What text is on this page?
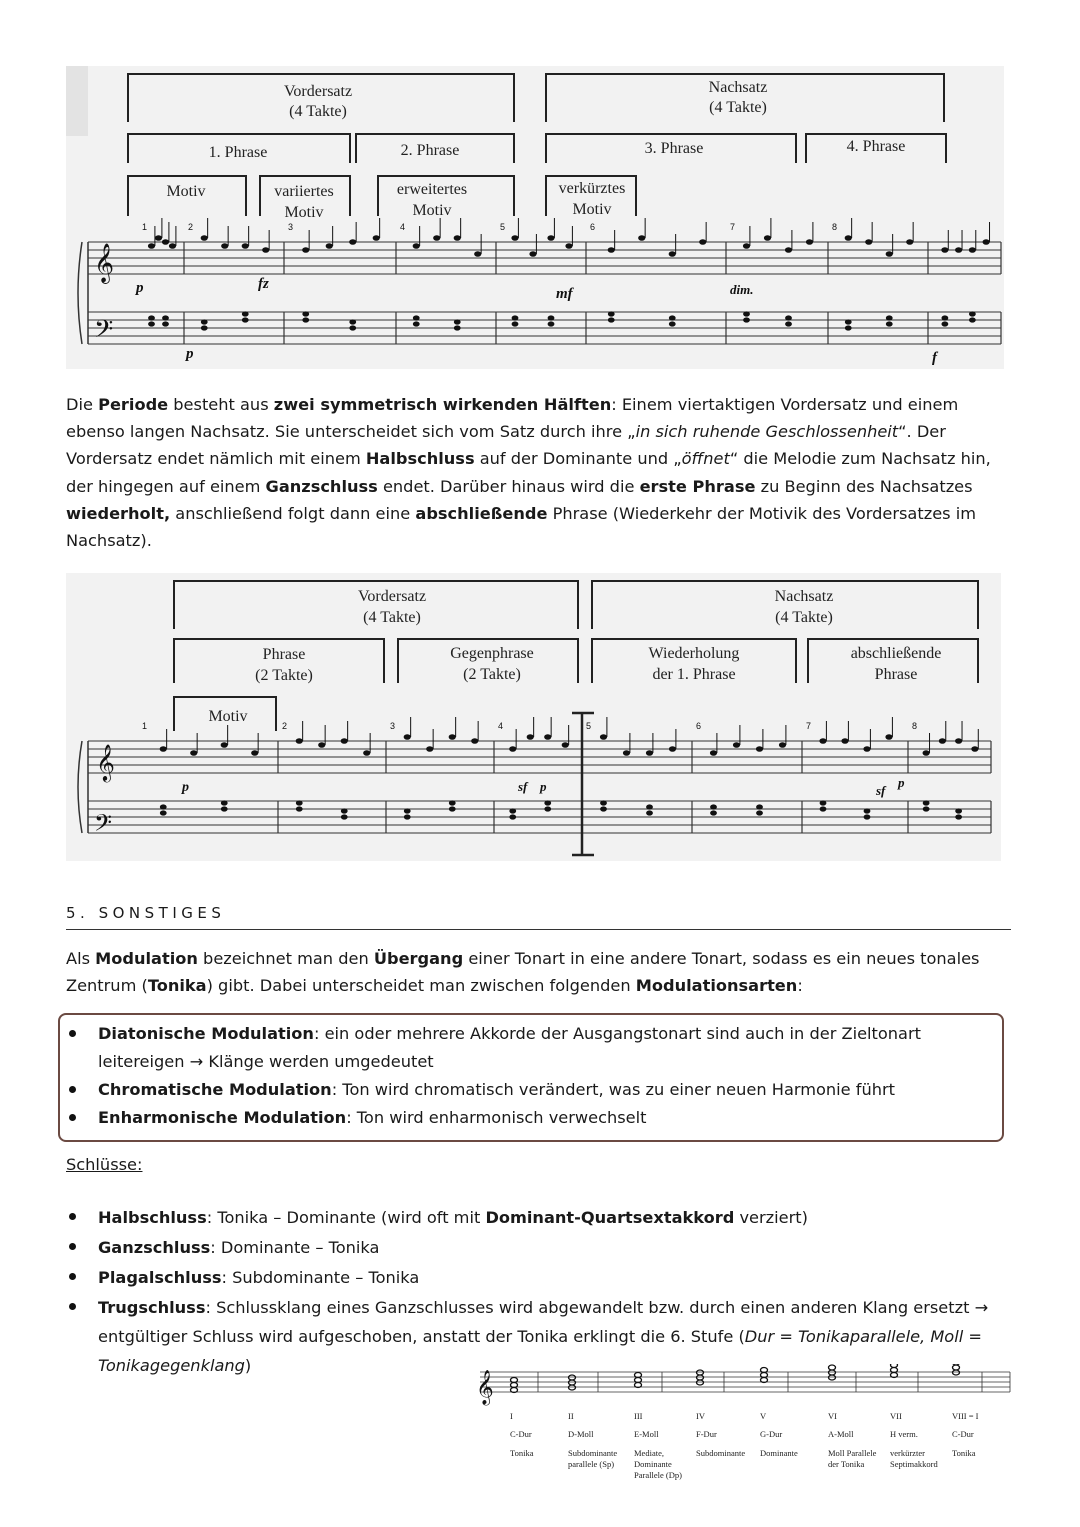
Vordersatz
(4 Takte)
Nachsatz
(4 Takte)
1. Phrase	2. Phrase	3. Phrase	4. Phrase
Motiv	variiertes
Motiv
erweitertes
Motiv
verkürztes
Motiv
𝄞
𝄢
p	fz
mf	dim.
p	f
1	2	3	4	5	6	7	8
Die Periode besteht aus zwei symmetrisch wirkenden Hälften: Einem viertaktigen Vordersatz und einem ebenso langen Nachsatz. Sie unterscheidet sich vom Satz durch ihre „in sich ruhende Geschlossenheit“. Der Vordersatz endet nämlich mit einem Halbschluss auf der Dominante und „öffnet“ die Melodie zum Nachsatz hin, der hingegen auf einem Ganzschluss endet. Darüber hinaus wird die erste Phrase zu Beginn des Nachsatzes wiederholt, anschließend folgt dann eine abschließende Phrase (Wiederkehr der Motivik des Vordersatzes im Nachsatz).
Vordersatz
(4 Takte)
Nachsatz
(4 Takte)
Phrase
(2 Takte)
Gegenphrase
(2 Takte)
Wiederholung
der 1. Phrase
abschließende
Phrase
Motiv
𝄞
𝄢
p	sf p	sf
p
1	2	3	4	5	6	7	8
5. SONSTIGES
Als Modulation bezeichnet man den Übergang einer Tonart in eine andere Tonart, sodass es ein neues tonales Zentrum (Tonika) gibt. Dabei unterscheidet man zwischen folgenden Modulationsarten:
Diatonische Modulation: ein oder mehrere Akkorde der Ausgangstonart sind auch in der Zieltonart leitereigen → Klänge werden umgedeutet
Chromatische Modulation: Ton wird chromatisch verändert, was zu einer neuen Harmonie führt
Enharmonische Modulation: Ton wird enharmonisch verwechselt
Schlüsse:
Halbschluss: Tonika – Dominante (wird oft mit Dominant-Quartsextakkord verziert)
Ganzschluss: Dominante – Tonika
Plagalschluss: Subdominante – Tonika
Trugschluss: Schlussklang eines Ganzschlusses wird abgewandelt bzw. durch einen anderen Klang ersetzt → entgültiger Schluss wird aufgeschoben, anstatt der Tonika erklingt die 6. Stufe (Dur = Tonikaparallele, Moll = Tonikagegenklang)
𝄞
I
C-Dur
Tonika
II
D-Moll
Subdominante
parallele (Sp)
III
E-Moll
Mediate,
Dominante
Parallele (Dp)
IV
F-Dur
Subdominante
V
G-Dur
Dominante
VI
A-Moll
Moll Parallele
der Tonika
VII
H verm.
verkürzter
Septimakkord
VIII = I
C-Dur
Tonika
